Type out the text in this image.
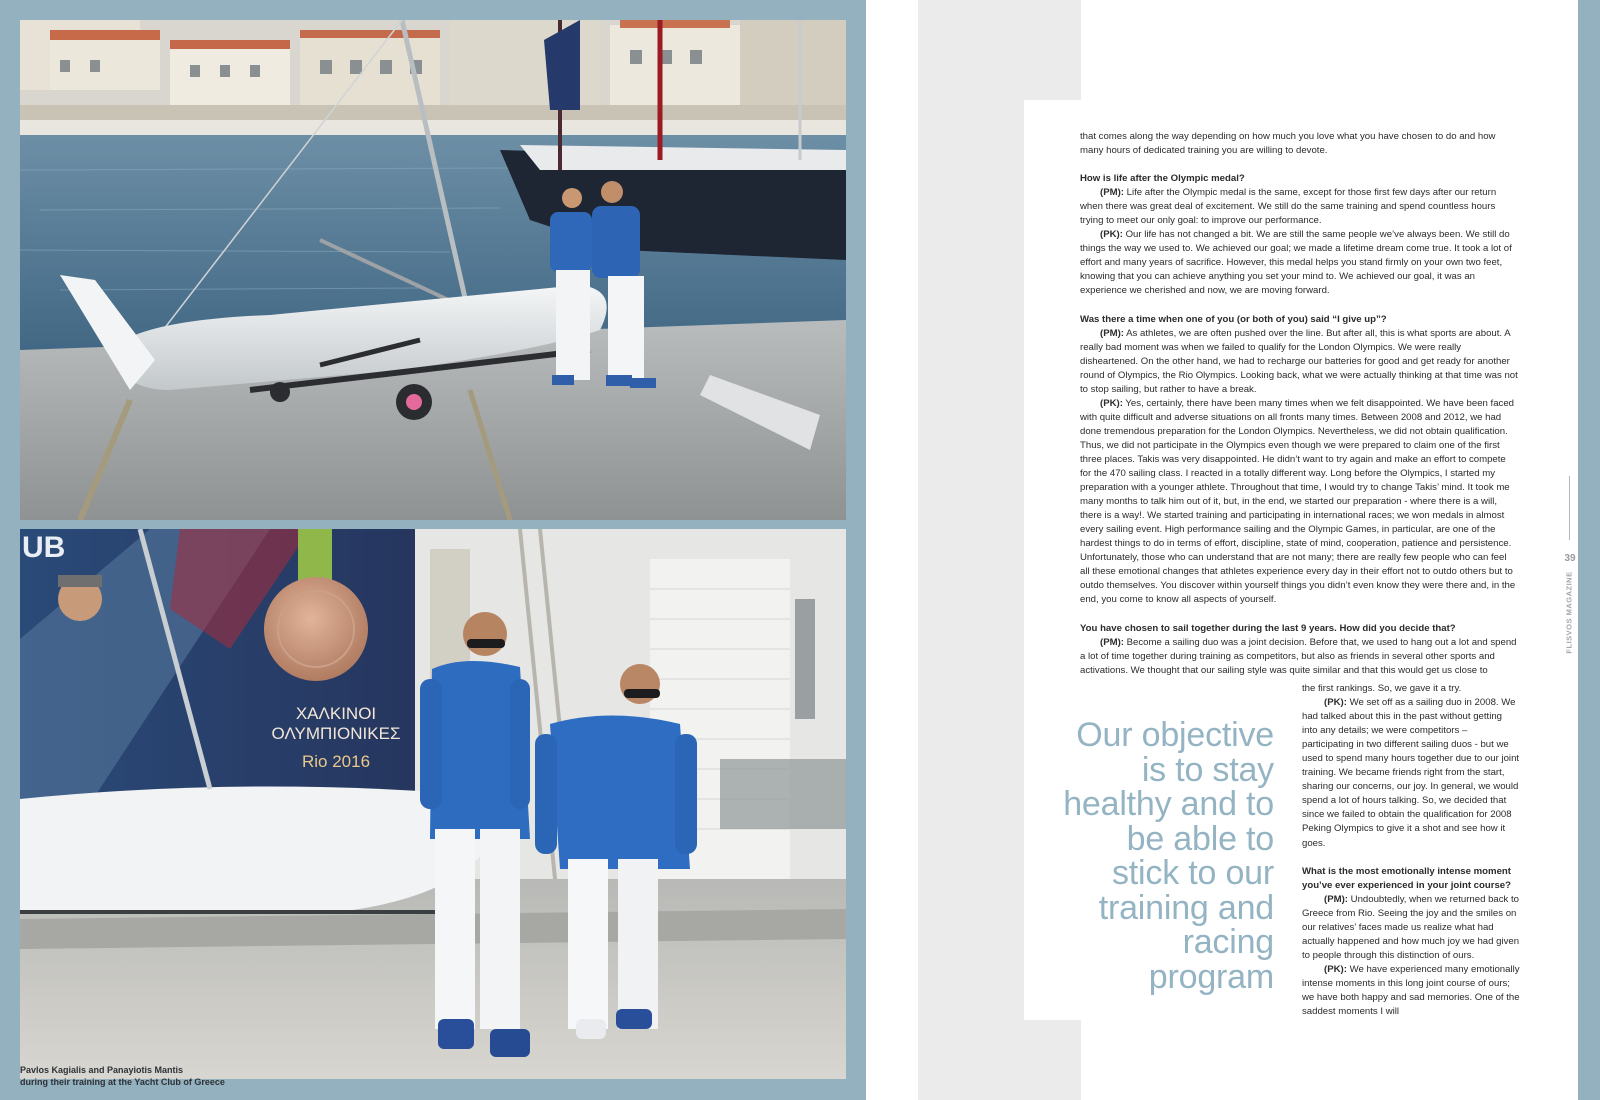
UB
ΧΑΛΚΙΝΟΙ
ΟΛΥΜΠΙΟΝΙΚΕΣ
Rio 2016
Pavlos Kagialis and Panayiotis Mantis
during their training at the Yacht Club of Greece

that comes along the way depending on how much you love what you have chosen to do and how many hours of dedicated training you are willing to devote.

How is life after the Olympic medal?

(PM): Life after the Olympic medal is the same, except for those first few days after our return when there was great deal of excitement. We still do the same training and spend countless hours trying to meet our only goal: to improve our performance.

(PK): Our life has not changed a bit. We are still the same people we’ve always been. We still do things the way we used to. We achieved our goal; we made a lifetime dream come true. It took a lot of effort and many years of sacrifice. However, this medal helps you stand firmly on your own two feet, knowing that you can achieve anything you set your mind to. We achieved our goal, it was an experience we cherished and now, we are moving forward.

Was there a time when one of you (or both of you) said “I give up”?

(PM): As athletes, we are often pushed over the line. But after all, this is what sports are about. A really bad moment was when we failed to qualify for the London Olympics. We were really disheartened. On the other hand, we had to recharge our batteries for good and get ready for another round of Olympics, the Rio Olympics. Looking back, what we were actually thinking at that time was not to stop sailing, but rather to have a break.

(PK): Yes, certainly, there have been many times when we felt disappointed. We have been faced with quite difficult and adverse situations on all fronts many times. Between 2008 and 2012, we had done tremendous preparation for the London Olympics. Nevertheless, we did not obtain qualification. Thus, we did not participate in the Olympics even though we were prepared to claim one of the first three places. Takis was very disappointed. He didn’t want to try again and make an effort to compete for the 470 sailing class. I reacted in a totally different way. Long before the Olympics, I started my preparation with a younger athlete. Throughout that time, I would try to change Takis’ mind. It took me many months to talk him out of it, but, in the end, we started our preparation - where there is a will, there is a way!. We started training and participating in international races; we won medals in almost every sailing event. High performance sailing and the Olympic Games, in particular, are one of the hardest things to do in terms of effort, discipline, state of mind, cooperation, patience and persistence. Unfortunately, those who can understand that are not many; there are really few people who can feel all these emotional changes that athletes experience every day in their effort not to outdo others but to outdo themselves. You discover within yourself things you didn’t even know they were there and, in the end, you come to know all aspects of yourself.

You have chosen to sail together during the last 9 years. How did you decide that?

(PM): Become a sailing duo was a joint decision. Before that, we used to hang out a lot and spend a lot of time together during training as competitors, but also as friends in several other sports and activations. We thought that our sailing style was quite similar and that this would get us close to

Our objective
is to stay
healthy and to
be able to
stick to our
training and
racing
program

the first rankings. So, we gave it a try.

(PK): We set off as a sailing duo in 2008. We had talked about this in the past without getting into any details; we were competitors – participating in two different sailing duos - but we used to spend many hours together due to our joint training. We became friends right from the start, sharing our concerns, our joy. In general, we would spend a lot of hours talking. So, we decided that since we failed to obtain the qualification for 2008 Peking Olympics to give it a shot and see how it goes.

What is the most emotionally intense moment you’ve ever experienced in your joint course?

(PM): Undoubtedly, when we returned back to Greece from Rio. Seeing the joy and the smiles on our relatives’ faces made us realize what had actually happened and how much joy we had given to people through this distinction of ours.

(PK): We have experienced many emotionally intense moments in this long joint course of ours; we have both happy and sad memories. One of the saddest moments I will

39
FLISVOS MAGAZINE
